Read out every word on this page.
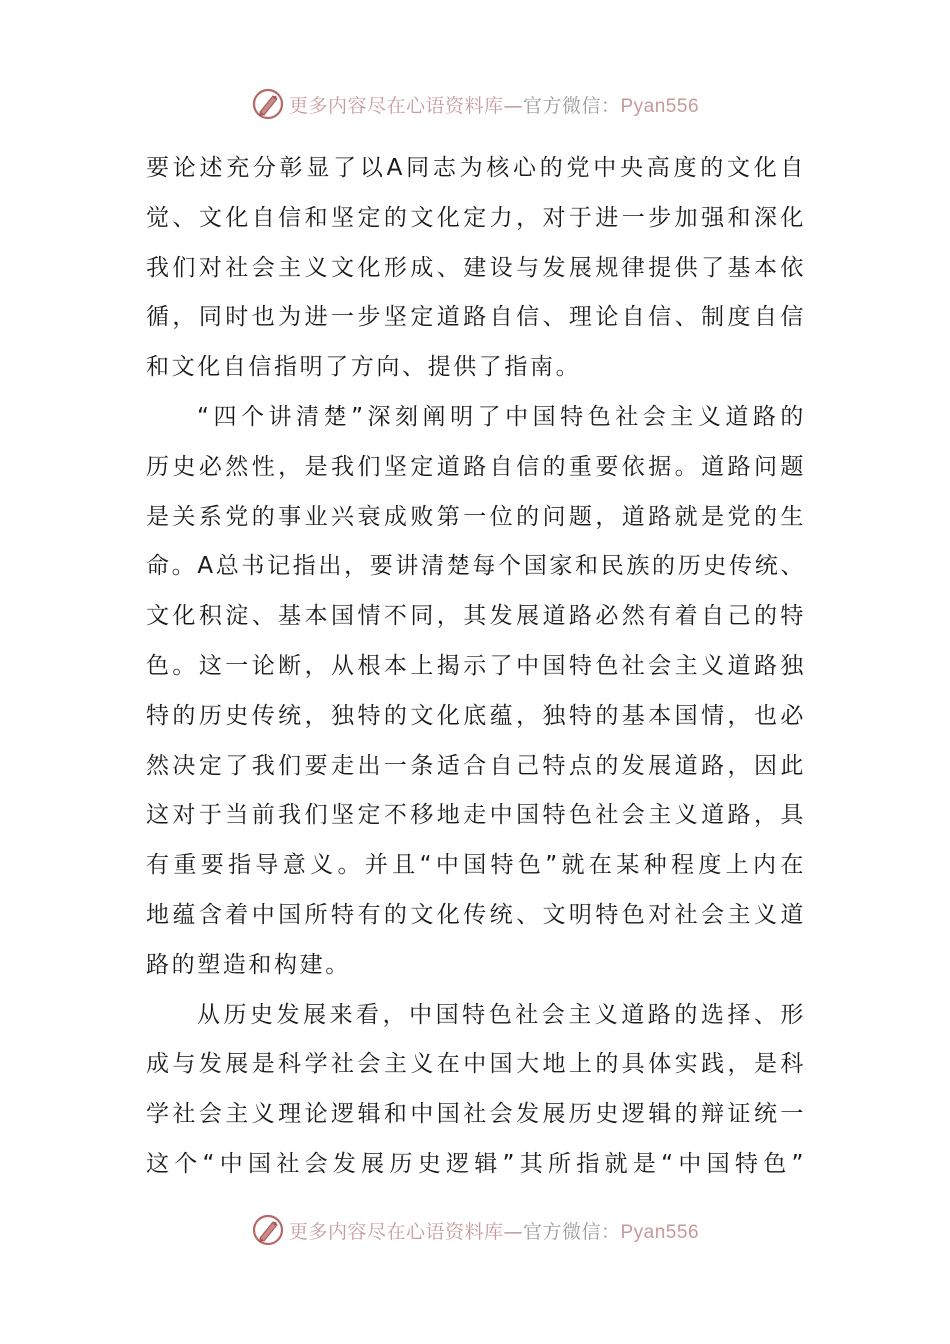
更多内容尽在心语资料库—官方微信：Pyan556

要论述充分彰显了以A同志为核心的党中央高度的文化自
觉、文化自信和坚定的文化定力，对于进一步加强和深化
我们对社会主义文化形成、建设与发展规律提供了基本依
循，同时也为进一步坚定道路自信、理论自信、制度自信
和文化自信指明了方向、提供了指南。

“四个讲清楚”深刻阐明了中国特色社会主义道路的
历史必然性，是我们坚定道路自信的重要依据。道路问题
是关系党的事业兴衰成败第一位的问题，道路就是党的生
命。A总书记指出，要讲清楚每个国家和民族的历史传统、
文化积淀、基本国情不同，其发展道路必然有着自己的特
色。这一论断，从根本上揭示了中国特色社会主义道路独
特的历史传统，独特的文化底蕴，独特的基本国情，也必
然决定了我们要走出一条适合自己特点的发展道路，因此
这对于当前我们坚定不移地走中国特色社会主义道路，具
有重要指导意义。并且“中国特色”就在某种程度上内在
地蕴含着中国所特有的文化传统、文明特色对社会主义道
路的塑造和构建。

从历史发展来看，中国特色社会主义道路的选择、形
成与发展是科学社会主义在中国大地上的具体实践，是科
学社会主义理论逻辑和中国社会发展历史逻辑的辩证统一
这个“中国社会发展历史逻辑”其所指就是“中国特色”

更多内容尽在心语资料库—官方微信：Pyan556
